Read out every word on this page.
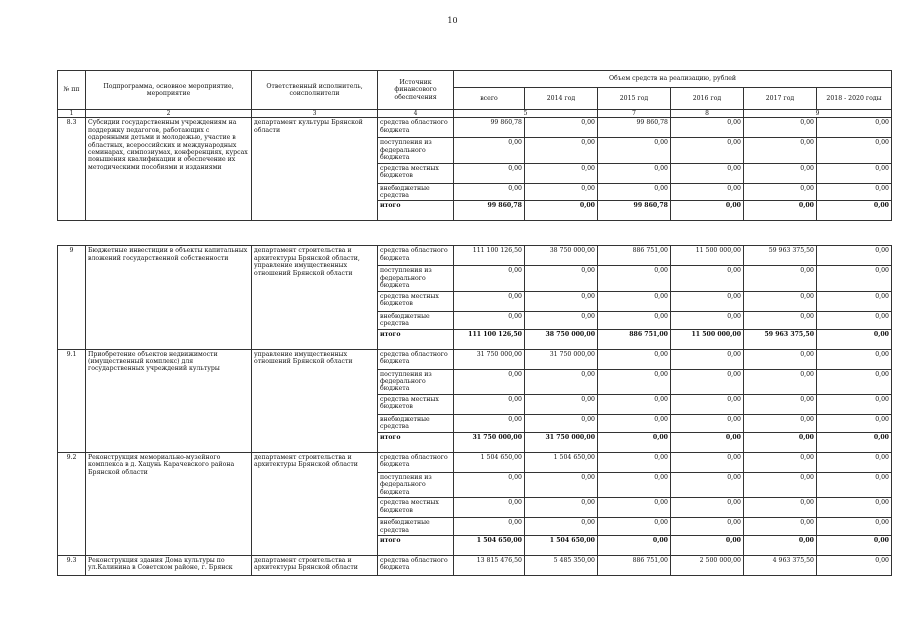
10
№ пп	Подпрограмма, основное мероприятие, мероприятие	Ответственный исполнитель, соисполнители	Источник финансового обеспечения	Объем средств на реализацию, рублей					
				всего	2014 год	2015 год	2016 год	2017 год	2018 - 2020 годы
1	2	3	4	5		7	8	9	
8.3	Субсидии государственным учреждениям на поддержку педагогов, работающих с одаренными детьми и молодежью, участие в областных, всероссийских и международных семинарах, симпозиумах, конференциях, курсах повышения квалификации и обеспечение их методическими пособиями и изданиями	департамент культуры Брянской области	средства областного бюджета	99 860,78	0,00	99 860,78	0,00	0,00	0,00
			поступления из федерального бюджета	0,00	0,00	0,00	0,00	0,00	0,00
			средства местных бюджетов	0,00	0,00	0,00	0,00	0,00	0,00
			внебюджетные средства	0,00	0,00	0,00	0,00	0,00	0,00
			итого	99 860,78	0,00	99 860,78	0,00	0,00	0,00

9	Бюджетные инвестиции в объекты капитальных вложений государственной собственности	департамент строительства и архитектуры Брянской области, управление имущественных отношений Брянской области	средства областного бюджета	111 100 126,50	38 750 000,00	886 751,00	11 500 000,00	59 963 375,50	0,00
			поступления из федерального бюджета	0,00	0,00	0,00	0,00	0,00	0,00
			средства местных бюджетов	0,00	0,00	0,00	0,00	0,00	0,00
			внебюджетные средства	0,00	0,00	0,00	0,00	0,00	0,00
			итого	111 100 126,50	38 750 000,00	886 751,00	11 500 000,00	59 963 375,50	0,00
9.1	Приобретение объектов недвижимости (имущественный комплекс) для государственных учреждений культуры	управление имущественных отношений Брянской области	средства областного бюджета	31 750 000,00	31 750 000,00	0,00	0,00	0,00	0,00
			поступления из федерального бюджета	0,00	0,00	0,00	0,00	0,00	0,00
			средства местных бюджетов	0,00	0,00	0,00	0,00	0,00	0,00
			внебюджетные средства	0,00	0,00	0,00	0,00	0,00	0,00
			итого	31 750 000,00	31 750 000,00	0,00	0,00	0,00	0,00
9.2	Реконструкция мемориально-музейного комплекса в д. Хацунь Карачевского района Брянской области	департамент строительства и архитектуры Брянской области	средства областного бюджета	1 504 650,00	1 504 650,00	0,00	0,00	0,00	0,00
			поступления из федерального бюджета	0,00	0,00	0,00	0,00	0,00	0,00
			средства местных бюджетов	0,00	0,00	0,00	0,00	0,00	0,00
			внебюджетные средства	0,00	0,00	0,00	0,00	0,00	0,00
			итого	1 504 650,00	1 504 650,00	0,00	0,00	0,00	0,00
9.3	Реконструкция здания Дома культуры по ул.Калинина в Советском районе, г. Брянск	департамент строительства и архитектуры Брянской области	средства областного бюджета	13 815 476,50	5 485 350,00	886 751,00	2 500 000,00	4 963 375,50	0,00
